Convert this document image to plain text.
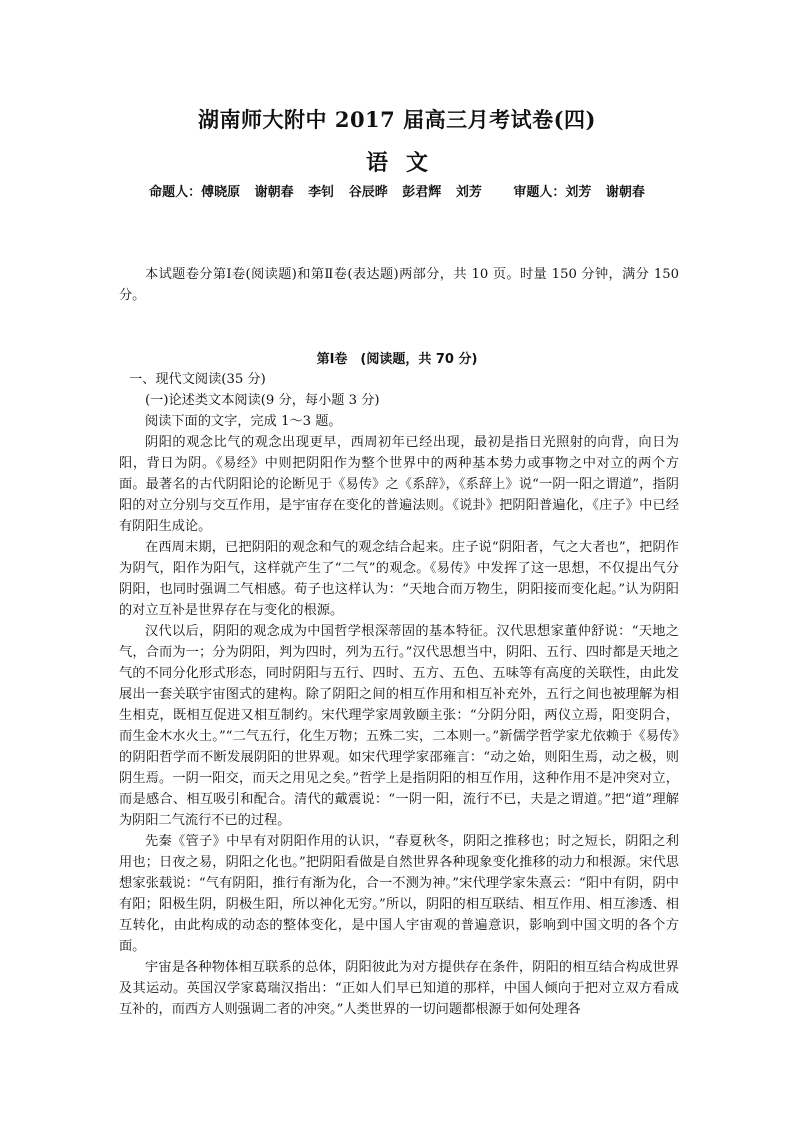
湖南师大附中 2017 届高三月考试卷(四)
语文
命题人：傅晓原 谢朝春 李钊 谷辰晔 彭君辉 刘芳 审题人：刘芳 谢朝春
本试题卷分第Ⅰ卷(阅读题)和第Ⅱ卷(表达题)两部分，共 10 页。时量 150 分钟，满分 150 分。
第Ⅰ卷　(阅读题，共 70 分)

一、现代文阅读(35 分)

(一)论述类文本阅读(9 分，每小题 3 分)

阅读下面的文字，完成 1～3 题。

阴阳的观念比气的观念出现更早，西周初年已经出现，最初是指日光照射的向背，向日为阳，背日为阴。《易经》中则把阴阳作为整个世界中的两种基本势力或事物之中对立的两个方面。最著名的古代阴阳论的论断见于《易传》之《系辞》，《系辞上》说“一阴一阳之谓道”，指阴阳的对立分别与交互作用，是宇宙存在变化的普遍法则。《说卦》把阴阳普遍化，《庄子》中已经有阴阳生成论。

在西周末期，已把阴阳的观念和气的观念结合起来。庄子说“阴阳者，气之大者也”，把阴作为阴气，阳作为阳气，这样就产生了“二气”的观念。《易传》中发挥了这一思想，不仅提出气分阴阳，也同时强调二气相感。荀子也这样认为：“天地合而万物生，阴阳接而变化起。”认为阴阳的对立互补是世界存在与变化的根源。

汉代以后，阴阳的观念成为中国哲学根深蒂固的基本特征。汉代思想家董仲舒说：“天地之气，合而为一；分为阴阳，判为四时，列为五行。”汉代思想当中，阴阳、五行、四时都是天地之气的不同分化形式形态，同时阴阳与五行、四时、五方、五色、五味等有高度的关联性，由此发展出一套关联宇宙图式的建构。除了阴阳之间的相互作用和相互补充外，五行之间也被理解为相生相克，既相互促进又相互制约。宋代理学家周敦颐主张：“分阴分阳，两仪立焉，阳变阴合，而生金木水火土。”“二气五行，化生万物；五殊二实，二本则一。”新儒学哲学家尤依赖于《易传》的阴阳哲学而不断发展阴阳的世界观。如宋代理学家邵雍言：“动之始，则阳生焉，动之极，则阴生焉。一阴一阳交，而天之用见之矣。”哲学上是指阴阳的相互作用，这种作用不是冲突对立，而是感合、相互吸引和配合。清代的戴震说：“一阴一阳，流行不已，夫是之谓道。”把“道”理解为阴阳二气流行不已的过程。

先秦《管子》中早有对阴阳作用的认识，“春夏秋冬，阴阳之推移也；时之短长，阴阳之利用也；日夜之易，阴阳之化也。”把阴阳看做是自然世界各种现象变化推移的动力和根源。宋代思想家张载说：“气有阴阳，推行有渐为化，合一不测为神。”宋代理学家朱熹云：“阳中有阴，阴中有阳；阳极生阴，阴极生阳，所以神化无穷。”所以，阴阳的相互联结、相互作用、相互渗透、相互转化，由此构成的动态的整体变化，是中国人宇宙观的普遍意识，影响到中国文明的各个方面。

宇宙是各种物体相互联系的总体，阴阳彼此为对方提供存在条件，阴阳的相互结合构成世界及其运动。英国汉学家葛瑞汉指出：“正如人们早已知道的那样，中国人倾向于把对立双方看成互补的，而西方人则强调二者的冲突。”人类世界的一切问题都根源于如何处理各
